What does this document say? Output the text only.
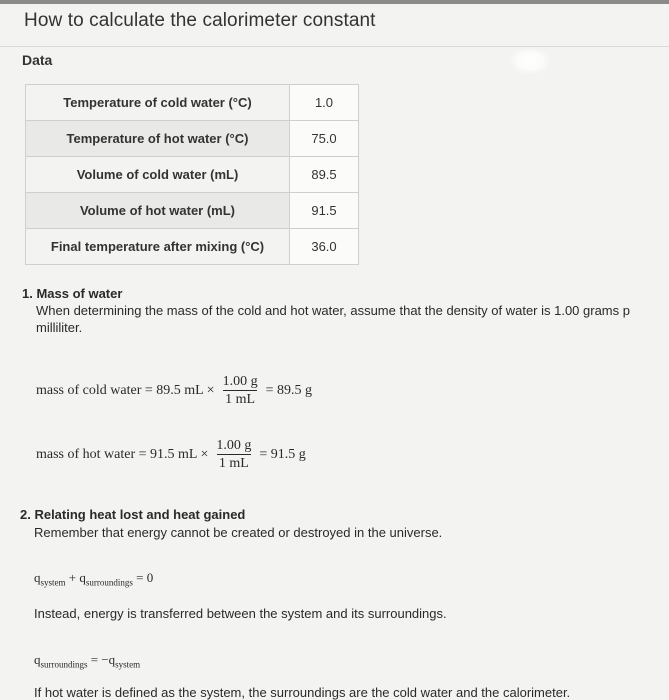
How to calculate the calorimeter constant
Data
Temperature of cold water (°C)	1.0
Temperature of hot water (°C)	75.0
Volume of cold water (mL)	89.5
Volume of hot water (mL)	91.5
Final temperature after mixing (°C)	36.0
1. Mass of water
When determining the mass of the cold and hot water, assume that the density of water is 1.00 grams p
milliliter.
mass of cold water = 89.5 mL × $\frac{1.00 g}{1 mL} = 89.5$ g
mass of hot water = 91.5 mL × $\frac{1.00 g}{1 mL} = 91.5$ g
2. Relating heat lost and heat gained
Remember that energy cannot be created or destroyed in the universe.
$q_{system} + q_{surroundings} = 0$
Instead, energy is transferred between the system and its surroundings.
$q_{surroundings} = -q_{system}$
If hot water is defined as the system, the surroundings are the cold water and the calorimeter.
